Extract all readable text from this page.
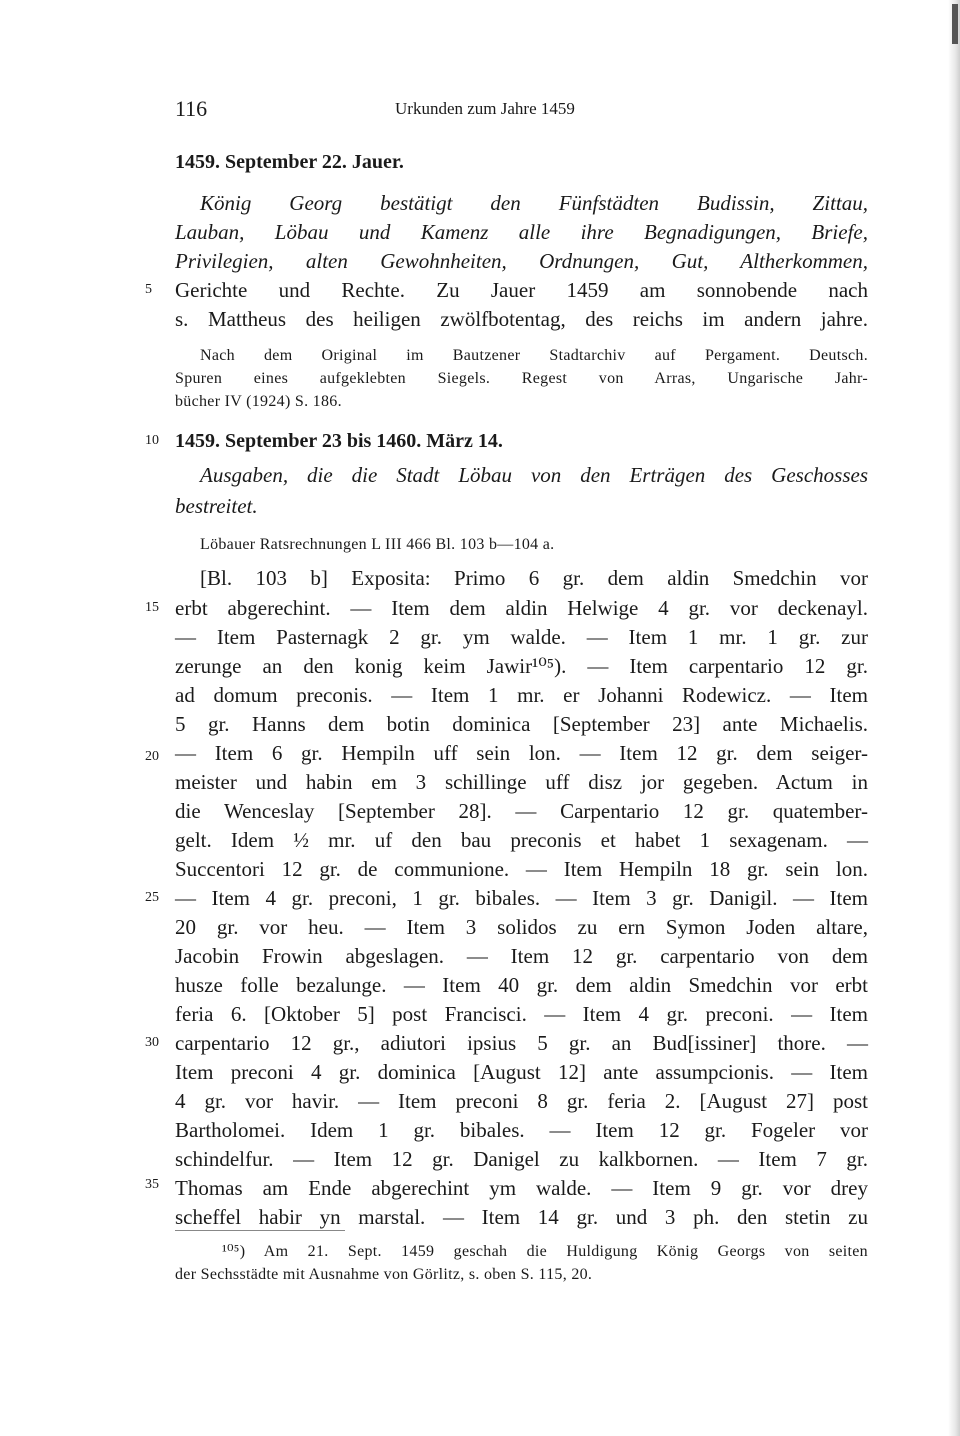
116	Urkunden zum Jahre 1459
5
10
15
20
25
30
35
1459. September 22. Jauer.
König Georg bestätigt den Fünfstädten Budissin, Zittau,
Lauban, Löbau und Kamenz alle ihre Begnadigungen, Briefe,
Privilegien, alten Gewohnheiten, Ordnungen, Gut, Altherkommen,
Gerichte und Rechte. Zu Jauer 1459 am sonnobende nach
s. Mattheus des heiligen zwölfbotentag, des reichs im andern jahre.
Nach dem Original im Bautzener Stadtarchiv auf Pergament. Deutsch.
Spuren eines aufgeklebten Siegels. Regest von Arras, Ungarische Jahr-
bücher IV (1924) S. 186.
1459. September 23 bis 1460. März 14.
Ausgaben, die die Stadt Löbau von den Erträgen des Geschosses
bestreitet.
Löbauer Ratsrechnungen L III 466 Bl. 103 b—104 a.
[Bl. 103 b] Exposita: Primo 6 gr. dem aldin Smedchin vor
erbt abgerechint. — Item dem aldin Helwige 4 gr. vor deckenayl.
— Item Pasternagk 2 gr. ym walde. — Item 1 mr. 1 gr. zur
zerunge an den konig keim Jawir¹⁰⁵). — Item carpentario 12 gr.
ad domum preconis. — Item 1 mr. er Johanni Rodewicz. — Item
5 gr. Hanns dem botin dominica [September 23] ante Michaelis.
— Item 6 gr. Hempiln uff sein lon. — Item 12 gr. dem seiger-
meister und habin em 3 schillinge uff disz jor gegeben. Actum in
die Wenceslay [September 28]. — Carpentario 12 gr. quatember-
gelt. Idem ½ mr. uf den bau preconis et habet 1 sexagenam. —
Succentori 12 gr. de communione. — Item Hempiln 18 gr. sein lon.
— Item 4 gr. preconi, 1 gr. bibales. — Item 3 gr. Danigil. — Item
20 gr. vor heu. — Item 3 solidos zu ern Symon Joden altare,
Jacobin Frowin abgeslagen. — Item 12 gr. carpentario von dem
husze folle bezalunge. — Item 40 gr. dem aldin Smedchin vor erbt
feria 6. [Oktober 5] post Francisci. — Item 4 gr. preconi. — Item
carpentario 12 gr., adiutori ipsius 5 gr. an Bud[issiner] thore. —
Item preconi 4 gr. dominica [August 12] ante assumpcionis. — Item
4 gr. vor havir. — Item preconi 8 gr. feria 2. [August 27] post
Bartholomei. Idem 1 gr. bibales. — Item 12 gr. Fogeler vor
schindelfur. — Item 12 gr. Danigel zu kalkbornen. — Item 7 gr.
Thomas am Ende abgerechint ym walde. — Item 9 gr. vor drey
scheffel habir yn marstal. — Item 14 gr. und 3 ph. den stetin zu
¹⁰⁵) Am 21. Sept. 1459 geschah die Huldigung König Georgs von seiten
der Sechsstädte mit Ausnahme von Görlitz, s. oben S. 115, 20.
